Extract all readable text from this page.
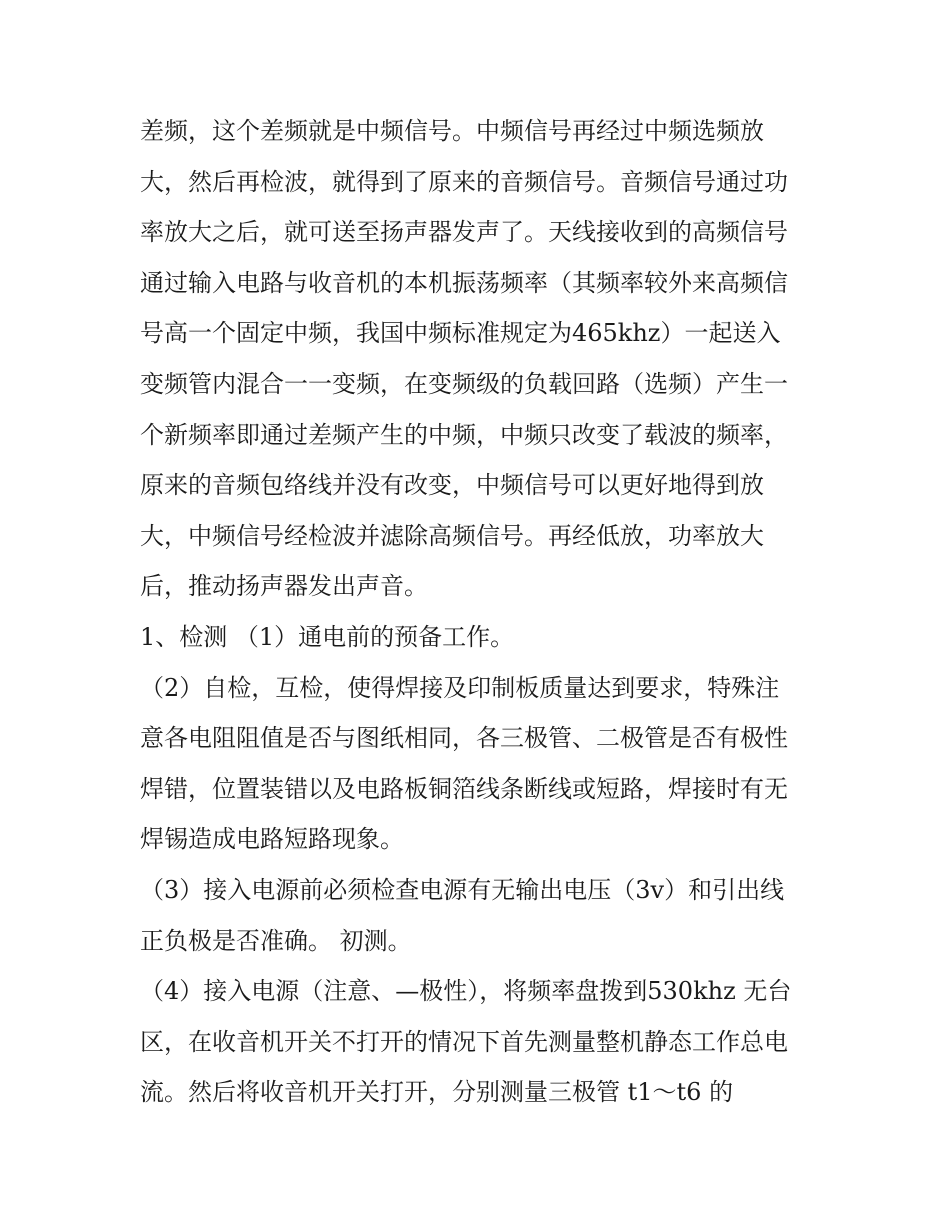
差频，这个差频就是中频信号。中频信号再经过中频选频放
大，然后再检波，就得到了原来的音频信号。音频信号通过功
率放大之后，就可送至扬声器发声了。天线接收到的高频信号
通过输入电路与收音机的本机振荡频率（其频率较外来高频信
号高一个固定中频，我国中频标准规定为465khz）一起送入
变频管内混合一一变频，在变频级的负载回路（选频）产生一
个新频率即通过差频产生的中频，中频只改变了载波的频率，
原来的音频包络线并没有改变，中频信号可以更好地得到放
大，中频信号经检波并滤除高频信号。再经低放，功率放大
后，推动扬声器发出声音。
1、检测 （1）通电前的预备工作。
（2）自检，互检，使得焊接及印制板质量达到要求，特殊注
意各电阻阻值是否与图纸相同，各三极管、二极管是否有极性
焊错，位置装错以及电路板铜箔线条断线或短路，焊接时有无
焊锡造成电路短路现象。
（3）接入电源前必须检查电源有无输出电压（3v）和引出线
正负极是否准确。 初测。
（4）接入电源（注意、—极性），将频率盘拨到530khz 无台
区，在收音机开关不打开的情况下首先测量整机静态工作总电
流。然后将收音机开关打开，分别测量三极管 t1～t6 的
